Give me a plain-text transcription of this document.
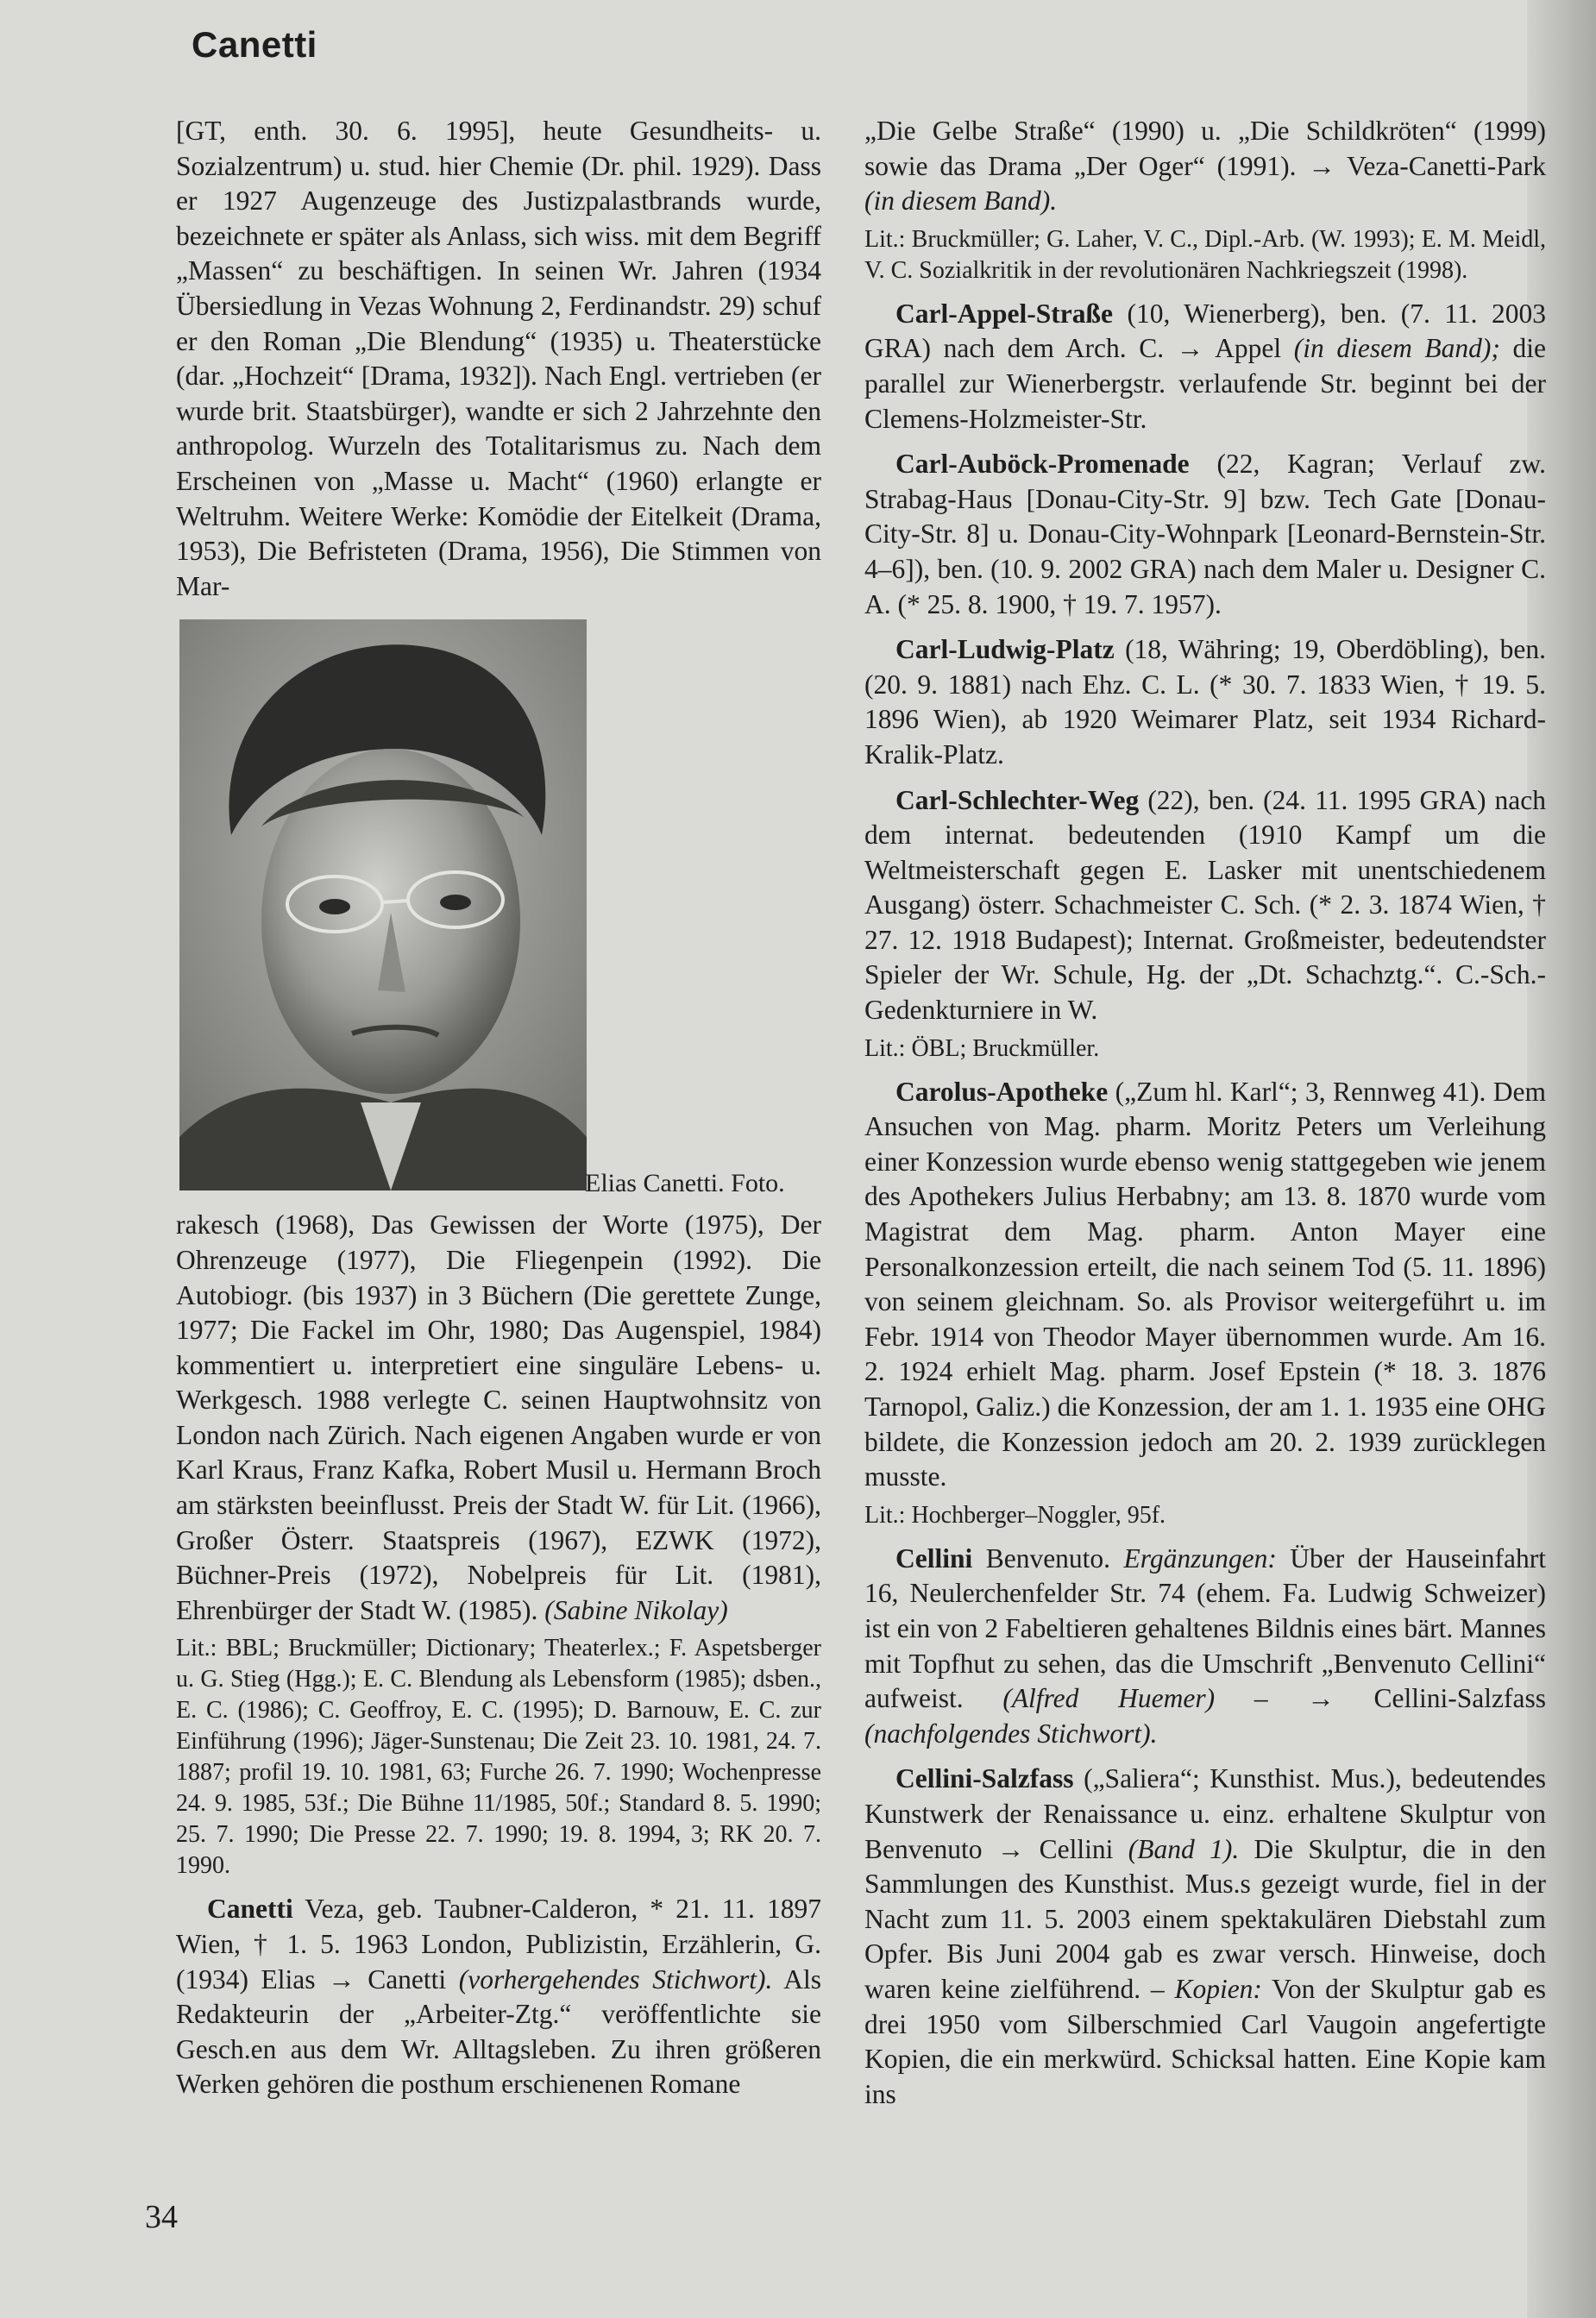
Canetti

[GT, enth. 30. 6. 1995], heute Gesundheits- u. Sozialzentrum) u. stud. hier Chemie (Dr. phil. 1929). Dass er 1927 Augenzeuge des Justizpalastbrands wurde, bezeichnete er später als Anlass, sich wiss. mit dem Begriff „Massen“ zu beschäftigen. In seinen Wr. Jahren (1934 Übersiedlung in Vezas Wohnung 2, Ferdinandstr. 29) schuf er den Roman „Die Blendung“ (1935) u. Theaterstücke (dar. „Hochzeit“ [Drama, 1932]). Nach Engl. vertrieben (er wurde brit. Staatsbürger), wandte er sich 2 Jahrzehnte den anthropolog. Wurzeln des Totalitarismus zu. Nach dem Erscheinen von „Masse u. Macht“ (1960) erlangte er Weltruhm. Weitere Werke: Komödie der Eitelkeit (Drama, 1953), Die Befristeten (Drama, 1956), Die Stimmen von Mar-

Elias Canetti. Foto.

rakesch (1968), Das Gewissen der Worte (1975), Der Ohrenzeuge (1977), Die Fliegenpein (1992). Die Autobiogr. (bis 1937) in 3 Büchern (Die gerettete Zunge, 1977; Die Fackel im Ohr, 1980; Das Augenspiel, 1984) kommentiert u. interpretiert eine singuläre Lebens- u. Werkgesch. 1988 verlegte C. seinen Hauptwohnsitz von London nach Zürich. Nach eigenen Angaben wurde er von Karl Kraus, Franz Kafka, Robert Musil u. Hermann Broch am stärksten beeinflusst. Preis der Stadt W. für Lit. (1966), Großer Österr. Staatspreis (1967), EZWK (1972), Büchner-Preis (1972), Nobelpreis für Lit. (1981), Ehrenbürger der Stadt W. (1985). (Sabine Nikolay)

Lit.: BBL; Bruckmüller; Dictionary; Theaterlex.; F. Aspetsberger u. G. Stieg (Hgg.); E. C. Blendung als Lebensform (1985); dsben., E. C. (1986); C. Geoffroy, E. C. (1995); D. Barnouw, E. C. zur Einführung (1996); Jäger-Sunstenau; Die Zeit 23. 10. 1981, 24. 7. 1887; profil 19. 10. 1981, 63; Furche 26. 7. 1990; Wochenpresse 24. 9. 1985, 53f.; Die Bühne 11/1985, 50f.; Standard 8. 5. 1990; 25. 7. 1990; Die Presse 22. 7. 1990; 19. 8. 1994, 3; RK 20. 7. 1990.

Canetti Veza, geb. Taubner-Calderon, * 21. 11. 1897 Wien, † 1. 5. 1963 London, Publizistin, Erzählerin, G. (1934) Elias → Canetti (vorhergehendes Stichwort). Als Redakteurin der „Arbeiter-Ztg.“ veröffentlichte sie Gesch.en aus dem Wr. Alltagsleben. Zu ihren größeren Werken gehören die posthum erschienenen Romane

„Die Gelbe Straße“ (1990) u. „Die Schildkröten“ (1999) sowie das Drama „Der Oger“ (1991). → Veza-Canetti-Park (in diesem Band).

Lit.: Bruckmüller; G. Laher, V. C., Dipl.-Arb. (W. 1993); E. M. Meidl, V. C. Sozialkritik in der revolutionären Nachkriegszeit (1998).

Carl-Appel-Straße (10, Wienerberg), ben. (7. 11. 2003 GRA) nach dem Arch. C. → Appel (in diesem Band); die parallel zur Wienerbergstr. verlaufende Str. beginnt bei der Clemens-Holzmeister-Str.

Carl-Auböck-Promenade (22, Kagran; Verlauf zw. Strabag-Haus [Donau-City-Str. 9] bzw. Tech Gate [Donau-City-Str. 8] u. Donau-City-Wohnpark [Leonard-Bernstein-Str. 4–6]), ben. (10. 9. 2002 GRA) nach dem Maler u. Designer C. A. (* 25. 8. 1900, † 19. 7. 1957).

Carl-Ludwig-Platz (18, Währing; 19, Oberdöbling), ben. (20. 9. 1881) nach Ehz. C. L. (* 30. 7. 1833 Wien, † 19. 5. 1896 Wien), ab 1920 Weimarer Platz, seit 1934 Richard-Kralik-Platz.

Carl-Schlechter-Weg (22), ben. (24. 11. 1995 GRA) nach dem internat. bedeutenden (1910 Kampf um die Weltmeisterschaft gegen E. Lasker mit unentschiedenem Ausgang) österr. Schachmeister C. Sch. (* 2. 3. 1874 Wien, † 27. 12. 1918 Budapest); Internat. Großmeister, bedeutendster Spieler der Wr. Schule, Hg. der „Dt. Schachztg.“. C.-Sch.-Gedenkturniere in W.

Lit.: ÖBL; Bruckmüller.

Carolus-Apotheke („Zum hl. Karl“; 3, Rennweg 41). Dem Ansuchen von Mag. pharm. Moritz Peters um Verleihung einer Konzession wurde ebenso wenig stattgegeben wie jenem des Apothekers Julius Herbabny; am 13. 8. 1870 wurde vom Magistrat dem Mag. pharm. Anton Mayer eine Personalkonzession erteilt, die nach seinem Tod (5. 11. 1896) von seinem gleichnam. So. als Provisor weitergeführt u. im Febr. 1914 von Theodor Mayer übernommen wurde. Am 16. 2. 1924 erhielt Mag. pharm. Josef Epstein (* 18. 3. 1876 Tarnopol, Galiz.) die Konzession, der am 1. 1. 1935 eine OHG bildete, die Konzession jedoch am 20. 2. 1939 zurücklegen musste.

Lit.: Hochberger–Noggler, 95f.

Cellini Benvenuto. Ergänzungen: Über der Hauseinfahrt 16, Neulerchenfelder Str. 74 (ehem. Fa. Ludwig Schweizer) ist ein von 2 Fabeltieren gehaltenes Bildnis eines bärt. Mannes mit Topfhut zu sehen, das die Umschrift „Benvenuto Cellini“ aufweist. (Alfred Huemer) – → Cellini-Salzfass (nachfolgendes Stichwort).

Cellini-Salzfass („Saliera“; Kunsthist. Mus.), bedeutendes Kunstwerk der Renaissance u. einz. erhaltene Skulptur von Benvenuto → Cellini (Band 1). Die Skulptur, die in den Sammlungen des Kunsthist. Mus.s gezeigt wurde, fiel in der Nacht zum 11. 5. 2003 einem spektakulären Diebstahl zum Opfer. Bis Juni 2004 gab es zwar versch. Hinweise, doch waren keine zielführend. – Kopien: Von der Skulptur gab es drei 1950 vom Silberschmied Carl Vaugoin angefertigte Kopien, die ein merkwürd. Schicksal hatten. Eine Kopie kam ins

34
